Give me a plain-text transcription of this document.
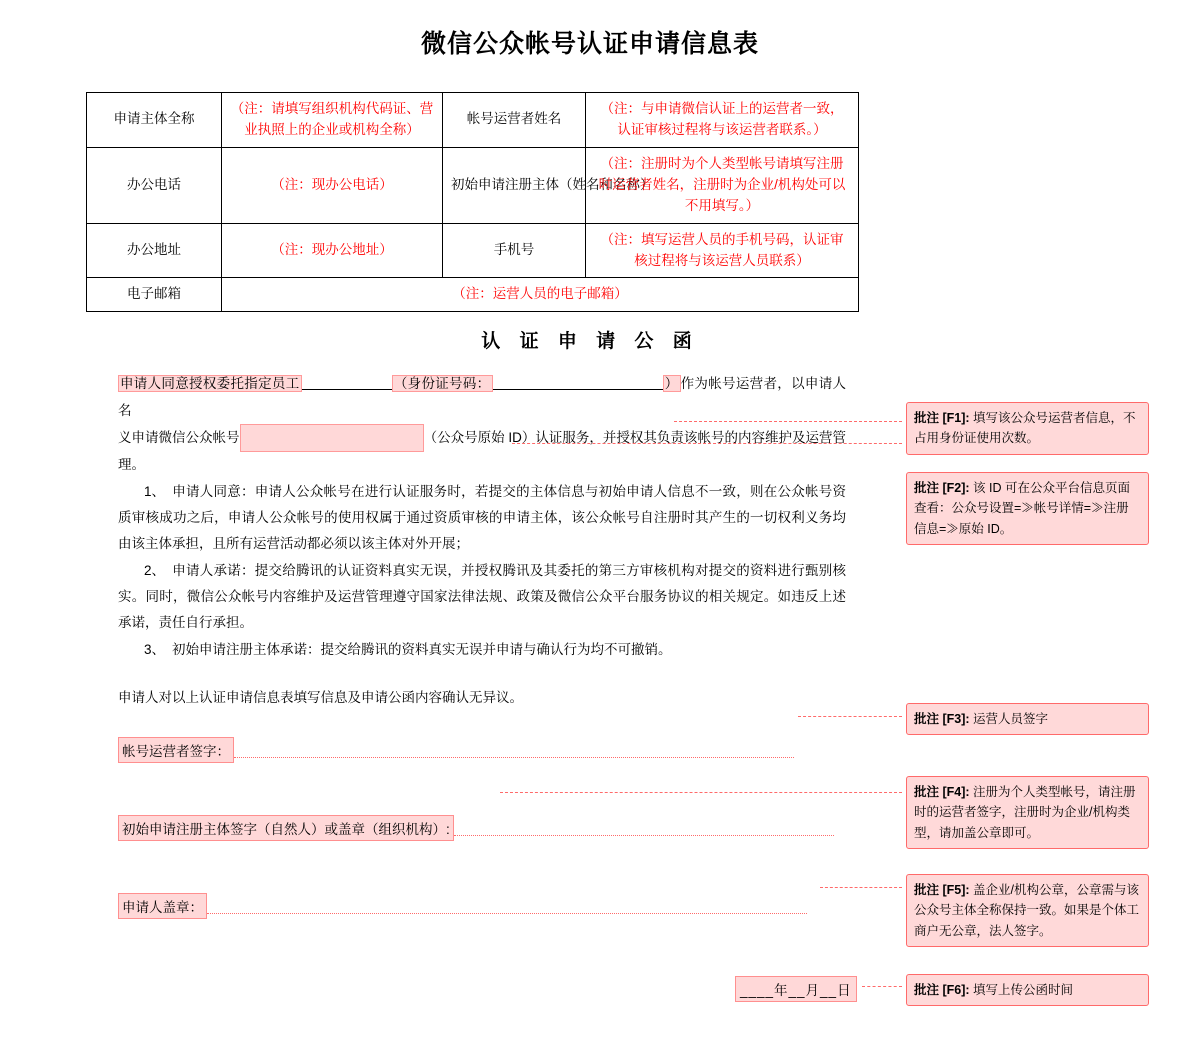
微信公众帐号认证申请信息表
申请主体全称	（注：请填写组织机构代码证、营业执照上的企业或机构全称）	帐号运营者姓名	（注：与申请微信认证上的运营者一致，认证审核过程将与该运营者联系。）
办公电话	（注：现办公电话）	初始申请注册主体（姓名和名称）	（注：注册时为个人类型帐号请填写注册时运营者姓名，注册时为企业/机构处可以不用填写。）
办公地址	（注：现办公地址）	手机号	（注：填写运营人员的手机号码，认证审核过程将与该运营人员联系）
电子邮箱	（注：运营人员的电子邮箱）		
认 证 申 请 公 函

申请人同意授权委托指定员工	（身份证号码：	） 作为帐号运营者，以申请人名

义申请微信公众帐号	（公众号原始 ID）认证服务，并授权其负责该帐号的内容维护及运营管理。

1、 申请人同意：申请人公众帐号在进行认证服务时，若提交的主体信息与初始申请人信息不一致，则在公众帐号资质审核成功之后，申请人公众帐号的使用权属于通过资质审核的申请主体，该公众帐号自注册时其产生的一切权利义务均由该主体承担，且所有运营活动都必须以该主体对外开展；

2、 申请人承诺：提交给腾讯的认证资料真实无误，并授权腾讯及其委托的第三方审核机构对提交的资料进行甄别核实。同时，微信公众帐号内容维护及运营管理遵守国家法律法规、政策及微信公众平台服务协议的相关规定。如违反上述承诺，责任自行承担。

3、 初始申请注册主体承诺：提交给腾讯的资料真实无误并申请与确认行为均不可撤销。

申请人对以上认证申请信息表填写信息及申请公函内容确认无异议。

帐号运营者签字：
初始申请注册主体签字（自然人）或盖章（组织机构）:
申请人盖章：
____年__月__日
批注 [F1]: 填写该公众号运营者信息，不占用身份证使用次数。
批注 [F2]: 该 ID 可在公众平台信息页面查看：公众号设置=≫帐号详情=≫注册信息=≫原始 ID。
批注 [F3]: 运营人员签字
批注 [F4]: 注册为个人类型帐号，请注册时的运营者签字，注册时为企业/机构类型，请加盖公章即可。
批注 [F5]: 盖企业/机构公章，公章需与该公众号主体全称保持一致。如果是个体工商户无公章，法人签字。
批注 [F6]: 填写上传公函时间
